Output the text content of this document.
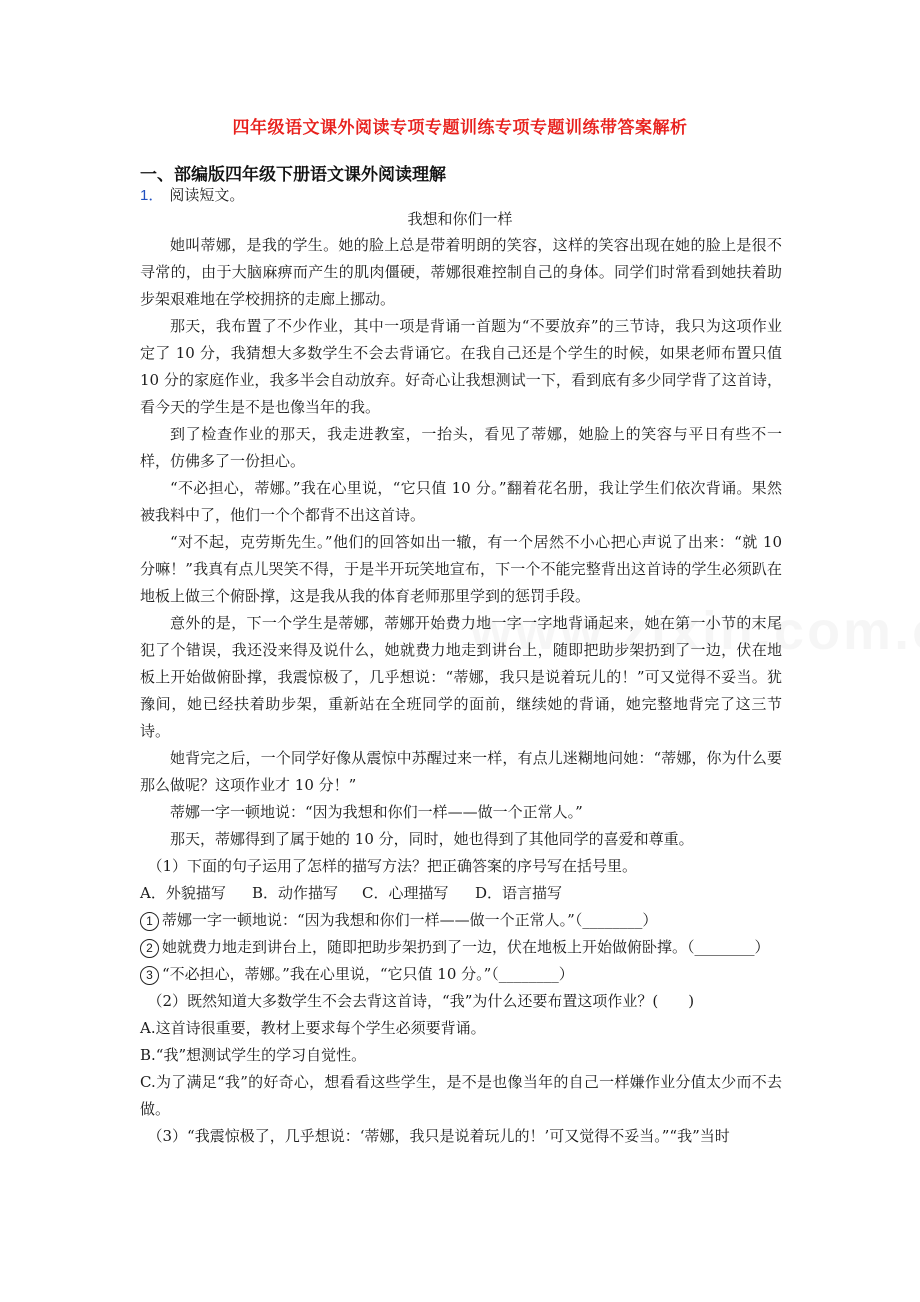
四年级语文课外阅读专项专题训练专项专题训练带答案解析
一、部编版四年级下册语文课外阅读理解
1． 阅读短文。
我想和你们一样

她叫蒂娜，是我的学生。她的脸上总是带着明朗的笑容，这样的笑容出现在她的脸上是很不寻常的，由于大脑麻痹而产生的肌肉僵硬，蒂娜很难控制自己的身体。同学们时常看到她扶着助步架艰难地在学校拥挤的走廊上挪动。

那天，我布置了不少作业，其中一项是背诵一首题为“不要放弃”的三节诗，我只为这项作业定了 10 分，我猜想大多数学生不会去背诵它。在我自己还是个学生的时候，如果老师布置只值 10 分的家庭作业，我多半会自动放弃。好奇心让我想测试一下，看到底有多少同学背了这首诗，看今天的学生是不是也像当年的我。

到了检查作业的那天，我走进教室，一抬头，看见了蒂娜，她脸上的笑容与平日有些不一样，仿佛多了一份担心。

“不必担心，蒂娜。”我在心里说，“它只值 10 分。”翻着花名册，我让学生们依次背诵。果然被我料中了，他们一个个都背不出这首诗。

“对不起，克劳斯先生。”他们的回答如出一辙，有一个居然不小心把心声说了出来：“就 10 分嘛！”我真有点儿哭笑不得，于是半开玩笑地宣布，下一个不能完整背出这首诗的学生必须趴在地板上做三个俯卧撑，这是我从我的体育老师那里学到的惩罚手段。

意外的是，下一个学生是蒂娜，蒂娜开始费力地一字一字地背诵起来，她在第一小节的末尾犯了个错误，我还没来得及说什么，她就费力地走到讲台上，随即把助步架扔到了一边，伏在地板上开始做俯卧撑，我震惊极了，几乎想说：“蒂娜，我只是说着玩儿的！”可又觉得不妥当。犹豫间，她已经扶着助步架，重新站在全班同学的面前，继续她的背诵，她完整地背完了这三节诗。

她背完之后，一个同学好像从震惊中苏醒过来一样，有点儿迷糊地问她：“蒂娜，你为什么要那么做呢？这项作业才 10 分！”

蒂娜一字一顿地说：“因为我想和你们一样——做一个正常人。”

那天，蒂娜得到了属于她的 10 分，同时，她也得到了其他同学的喜爱和尊重。

（1）下面的句子运用了怎样的描写方法？把正确答案的序号写在括号里。

A．外貌描写	B．动作描写	C．心理描写	D．语言描写

1 蒂娜一字一顿地说：“因为我想和你们一样——做一个正常人。”（________）

2 她就费力地走到讲台上，随即把助步架扔到了一边，伏在地板上开始做俯卧撑。（________）

3 “不必担心，蒂娜。”我在心里说，“它只值 10 分。”（________）

（2）既然知道大多数学生不会去背这首诗，“我”为什么还要布置这项作业？(　　)

A.这首诗很重要，教材上要求每个学生必须要背诵。

B.“我”想测试学生的学习自觉性。

C.为了满足“我”的好奇心，想看看这些学生，是不是也像当年的自己一样嫌作业分值太少而不去做。

（3）“我震惊极了，几乎想说：‘蒂娜，我只是说着玩儿的！’可又觉得不妥当。”“我”当时
